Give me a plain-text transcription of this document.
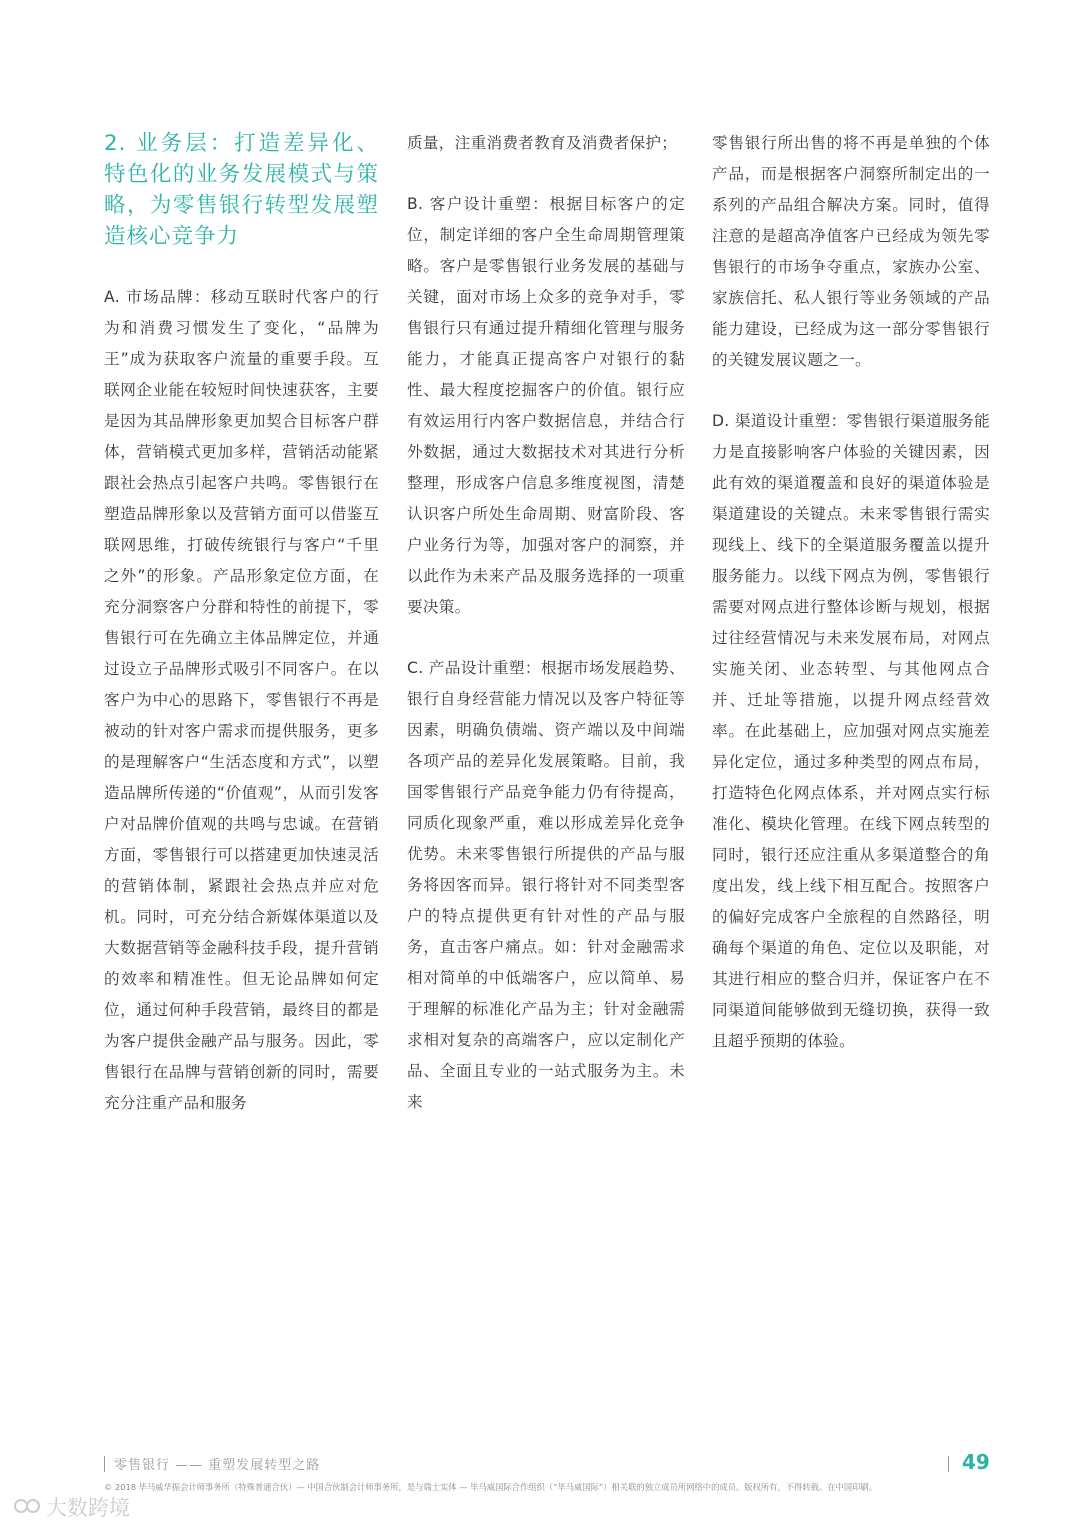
2. 业务层：打造差异化、特色化的业务发展模式与策略，为零售银行转型发展塑造核心竞争力

A. 市场品牌：移动互联时代客户的行为和消费习惯发生了变化，“品牌为王”成为获取客户流量的重要手段。互联网企业能在较短时间快速获客，主要是因为其品牌形象更加契合目标客户群体，营销模式更加多样，营销活动能紧跟社会热点引起客户共鸣。零售银行在塑造品牌形象以及营销方面可以借鉴互联网思维，打破传统银行与客户“千里之外”的形象。产品形象定位方面，在充分洞察客户分群和特性的前提下，零售银行可在先确立主体品牌定位，并通过设立子品牌形式吸引不同客户。在以客户为中心的思路下，零售银行不再是被动的针对客户需求而提供服务，更多的是理解客户“生活态度和方式”，以塑造品牌所传递的“价值观”，从而引发客户对品牌价值观的共鸣与忠诚。在营销方面，零售银行可以搭建更加快速灵活的营销体制，紧跟社会热点并应对危机。同时，可充分结合新媒体渠道以及大数据营销等金融科技手段，提升营销的效率和精准性。但无论品牌如何定位，通过何种手段营销，最终目的都是为客户提供金融产品与服务。因此，零售银行在品牌与营销创新的同时，需要充分注重产品和服务

质量，注重消费者教育及消费者保护；

B. 客户设计重塑：根据目标客户的定位，制定详细的客户全生命周期管理策略。客户是零售银行业务发展的基础与关键，面对市场上众多的竞争对手，零售银行只有通过提升精细化管理与服务能力，才能真正提高客户对银行的黏性、最大程度挖掘客户的价值。银行应有效运用行内客户数据信息，并结合行外数据，通过大数据技术对其进行分析整理，形成客户信息多维度视图，清楚认识客户所处生命周期、财富阶段、客户业务行为等，加强对客户的洞察，并以此作为未来产品及服务选择的一项重要决策。

C. 产品设计重塑：根据市场发展趋势、银行自身经营能力情况以及客户特征等因素，明确负债端、资产端以及中间端各项产品的差异化发展策略。目前，我国零售银行产品竞争能力仍有待提高，同质化现象严重，难以形成差异化竞争优势。未来零售银行所提供的产品与服务将因客而异。银行将针对不同类型客户的特点提供更有针对性的产品与服务，直击客户痛点。如：针对金融需求相对简单的中低端客户，应以简单、易于理解的标准化产品为主；针对金融需求相对复杂的高端客户，应以定制化产品、全面且专业的一站式服务为主。未来

零售银行所出售的将不再是单独的个体产品，而是根据客户洞察所制定出的一系列的产品组合解决方案。同时，值得注意的是超高净值客户已经成为领先零售银行的市场争夺重点，家族办公室、家族信托、私人银行等业务领域的产品能力建设，已经成为这一部分零售银行的关键发展议题之一。

D. 渠道设计重塑：零售银行渠道服务能力是直接影响客户体验的关键因素，因此有效的渠道覆盖和良好的渠道体验是渠道建设的关键点。未来零售银行需实现线上、线下的全渠道服务覆盖以提升服务能力。以线下网点为例，零售银行需要对网点进行整体诊断与规划，根据过往经营情况与未来发展布局，对网点实施关闭、业态转型、与其他网点合并、迁址等措施，以提升网点经营效率。在此基础上，应加强对网点实施差异化定位，通过多种类型的网点布局，打造特色化网点体系，并对网点实行标准化、模块化管理。在线下网点转型的同时，银行还应注重从多渠道整合的角度出发，线上线下相互配合。按照客户的偏好完成客户全旅程的自然路径，明确每个渠道的角色、定位以及职能，对其进行相应的整合归并，保证客户在不同渠道间能够做到无缝切换，获得一致且超乎预期的体验。

零售银行 —— 重塑发展转型之路	49
© 2018 毕马威华振会计师事务所（特殊普通合伙）— 中国合伙制会计师事务所，是与瑞士实体 — 毕马威国际合作组织（“毕马威国际”）相关联的独立成员所网络中的成员。版权所有，不得转载。在中国印刷。
大数跨境
